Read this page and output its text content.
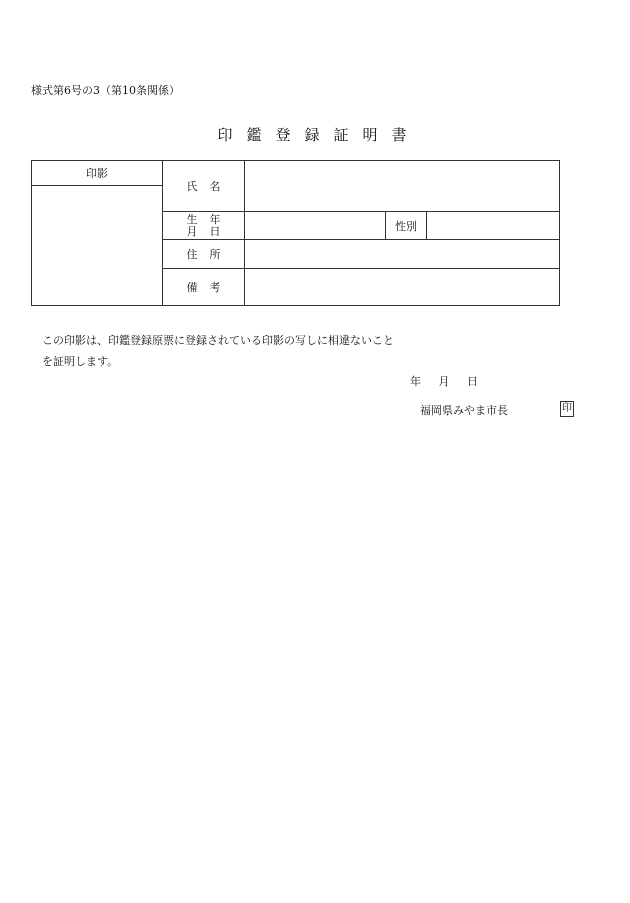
様式第6号の3（第10条関係）
印鑑登録証明書
印影	氏名			

	生年
月日		性別	
	住所			
	備考			
この印影は、印鑑登録原票に登録されている印影の写しに相違ないこと
を証明します。
年 月 日
福岡県みやま市長	印
